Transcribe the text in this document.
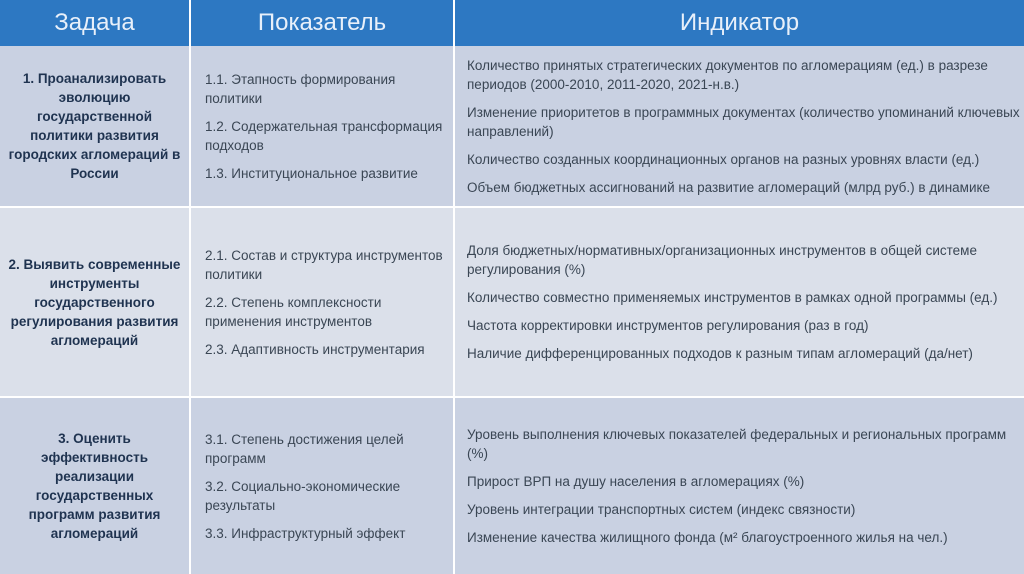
Задача	Показатель	Индикатор
1. Проанализировать эволюцию государственной политики развития городских агломераций в России

1.1. Этапность формирования политики

1.2. Содержательная трансформация подходов

1.3. Институциональное развитие

Количество принятых стратегических документов по агломерациям (ед.) в разрезе периодов (2000-2010, 2011-2020, 2021-н.в.)

Изменение приоритетов в программных документах (количество упоминаний ключевых направлений)

Количество созданных координационных органов на разных уровнях власти (ед.)

Объем бюджетных ассигнований на развитие агломераций (млрд руб.) в динамике

2. Выявить современные инструменты государственного регулирования развития агломераций

2.1. Состав и структура инструментов политики

2.2. Степень комплексности применения инструментов

2.3. Адаптивность инструментария

Доля бюджетных/нормативных/организационных инструментов в общей системе регулирования (%)

Количество совместно применяемых инструментов в рамках одной программы (ед.)

Частота корректировки инструментов регулирования (раз в год)

Наличие дифференцированных подходов к разным типам агломераций (да/нет)

3. Оценить эффективность реализации государственных программ развития агломераций

3.1. Степень достижения целей программ

3.2. Социально-экономические результаты

3.3. Инфраструктурный эффект

Уровень выполнения ключевых показателей федеральных и региональных программ (%)

Прирост ВРП на душу населения в агломерациях (%)

Уровень интеграции транспортных систем (индекс связности)

Изменение качества жилищного фонда (м² благоустроенного жилья на чел.)
